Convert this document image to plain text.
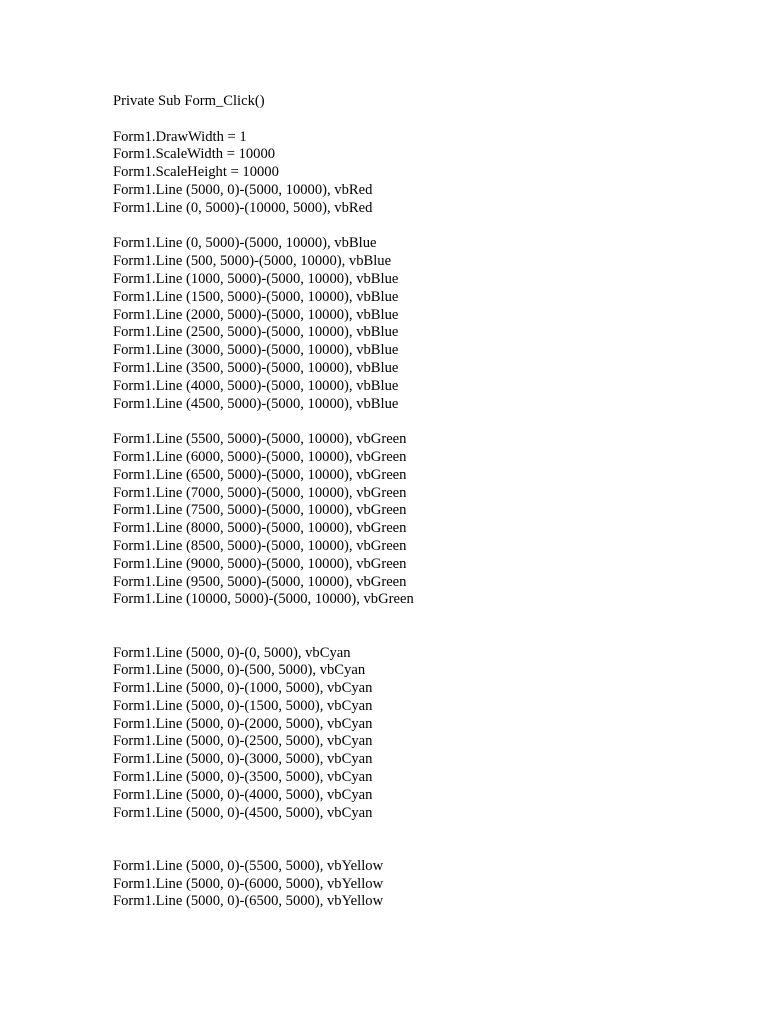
Private Sub Form_Click()
Form1.DrawWidth = 1
Form1.ScaleWidth = 10000
Form1.ScaleHeight = 10000
Form1.Line (5000, 0)-(5000, 10000), vbRed
Form1.Line (0, 5000)-(10000, 5000), vbRed
Form1.Line (0, 5000)-(5000, 10000), vbBlue
Form1.Line (500, 5000)-(5000, 10000), vbBlue
Form1.Line (1000, 5000)-(5000, 10000), vbBlue
Form1.Line (1500, 5000)-(5000, 10000), vbBlue
Form1.Line (2000, 5000)-(5000, 10000), vbBlue
Form1.Line (2500, 5000)-(5000, 10000), vbBlue
Form1.Line (3000, 5000)-(5000, 10000), vbBlue
Form1.Line (3500, 5000)-(5000, 10000), vbBlue
Form1.Line (4000, 5000)-(5000, 10000), vbBlue
Form1.Line (4500, 5000)-(5000, 10000), vbBlue
Form1.Line (5500, 5000)-(5000, 10000), vbGreen
Form1.Line (6000, 5000)-(5000, 10000), vbGreen
Form1.Line (6500, 5000)-(5000, 10000), vbGreen
Form1.Line (7000, 5000)-(5000, 10000), vbGreen
Form1.Line (7500, 5000)-(5000, 10000), vbGreen
Form1.Line (8000, 5000)-(5000, 10000), vbGreen
Form1.Line (8500, 5000)-(5000, 10000), vbGreen
Form1.Line (9000, 5000)-(5000, 10000), vbGreen
Form1.Line (9500, 5000)-(5000, 10000), vbGreen
Form1.Line (10000, 5000)-(5000, 10000), vbGreen
Form1.Line (5000, 0)-(0, 5000), vbCyan
Form1.Line (5000, 0)-(500, 5000), vbCyan
Form1.Line (5000, 0)-(1000, 5000), vbCyan
Form1.Line (5000, 0)-(1500, 5000), vbCyan
Form1.Line (5000, 0)-(2000, 5000), vbCyan
Form1.Line (5000, 0)-(2500, 5000), vbCyan
Form1.Line (5000, 0)-(3000, 5000), vbCyan
Form1.Line (5000, 0)-(3500, 5000), vbCyan
Form1.Line (5000, 0)-(4000, 5000), vbCyan
Form1.Line (5000, 0)-(4500, 5000), vbCyan
Form1.Line (5000, 0)-(5500, 5000), vbYellow
Form1.Line (5000, 0)-(6000, 5000), vbYellow
Form1.Line (5000, 0)-(6500, 5000), vbYellow
